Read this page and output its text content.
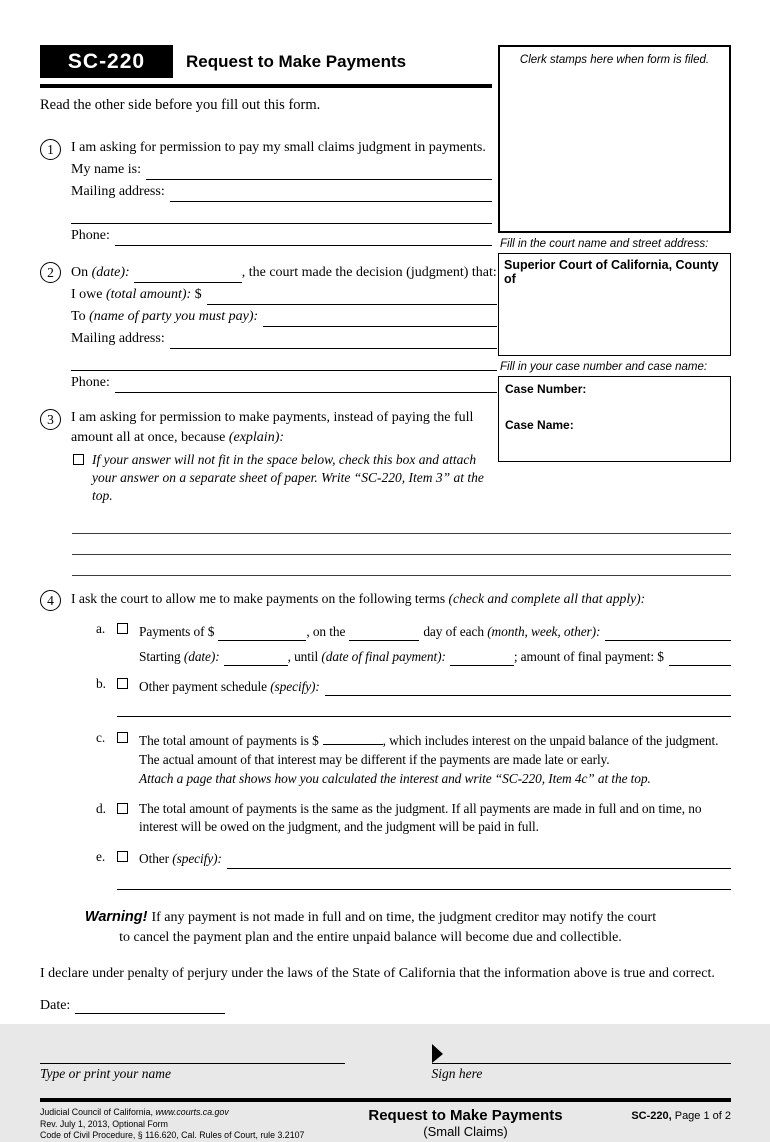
SC-220	Request to Make Payments
Read the other side before you fill out this form.
1	I am asking for permission to pay my small claims judgment in payments.
My name is:
Mailing address:
Phone:
2	On (date):	, the court made the decision (judgment) that:
I owe (total amount): $
To (name of party you must pay):
Mailing address:
Phone:
3	I am asking for permission to make payments, instead of paying the full amount all at once, because (explain):
If your answer will not fit in the space below, check this box and attach your answer on a separate sheet of paper. Write “SC-220, Item 3” at the top.
Clerk stamps here when form is filed.
Fill in the court name and street address:
Superior Court of California, County of
Fill in your case number and case name:
Case Number:
Case Name:
4	I ask the court to allow me to make payments on the following terms (check and complete all that apply):
a.	Payments of $	, on the	day of each (month, week, other):
Starting (date):	, until (date of final payment):	; amount of final payment: $
b.	Other payment schedule (specify):
c.	The total amount of payments is $	, which includes interest on the unpaid balance of the judgment.
The actual amount of that interest may be different if the payments are made late or early.
Attach a page that shows how you calculated the interest and write “SC-220, Item 4c” at the top.
d.	The total amount of payments is the same as the judgment. If all payments are made in full and on time, no interest will be owed on the judgment, and the judgment will be paid in full.
e.	Other (specify):
Warning! If any payment is not made in full and on time, the judgment creditor may notify the court
to cancel the payment plan and the entire unpaid balance will become due and collectible.
I declare under penalty of perjury under the laws of the State of California that the information above is true and correct.
Date:
Type or print your name	Sign here
Judicial Council of California, www.courts.ca.gov
Rev. July 1, 2013, Optional Form
Code of Civil Procedure, § 116.620, Cal. Rules of Court, rule 3.2107
Request to Make Payments
(Small Claims)
SC-220, Page 1 of 2
